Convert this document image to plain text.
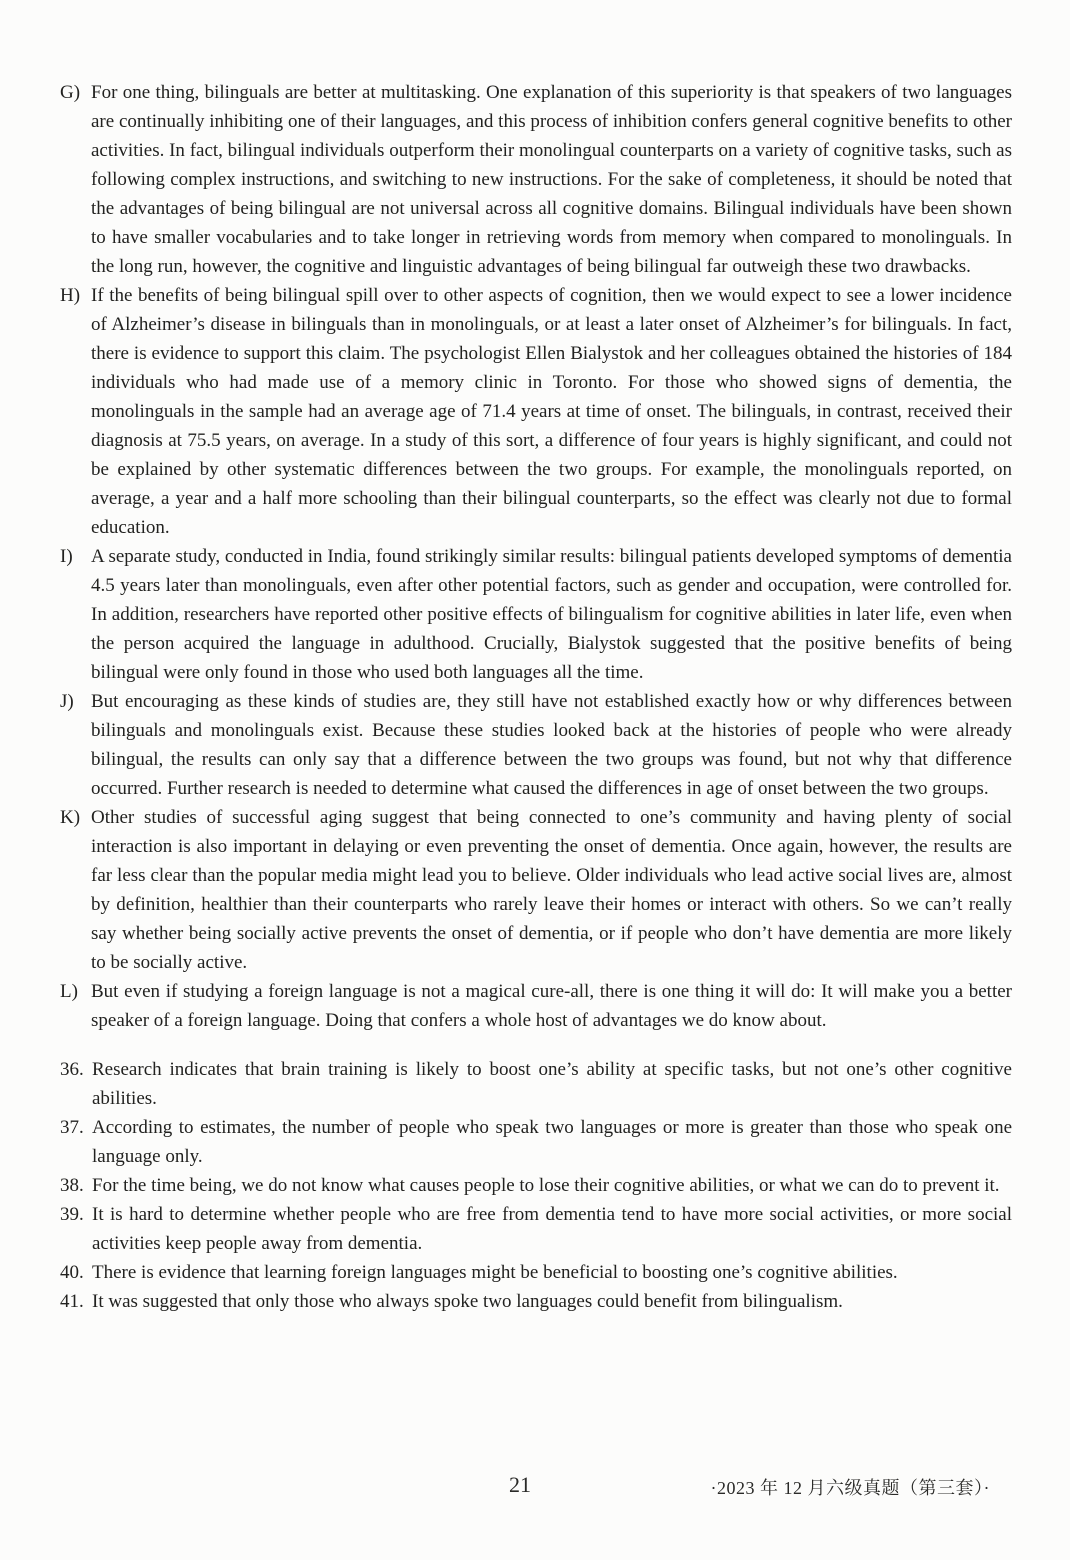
G) For one thing, bilinguals are better at multitasking. One explanation of this superiority is that speakers of two languages are continually inhibiting one of their languages, and this process of inhibition confers general cognitive benefits to other activities. In fact, bilingual individuals outperform their monolingual counterparts on a variety of cognitive tasks, such as following complex instructions, and switching to new instructions. For the sake of completeness, it should be noted that the advantages of being bilingual are not universal across all cognitive domains. Bilingual individuals have been shown to have smaller vocabularies and to take longer in retrieving words from memory when compared to monolinguals. In the long run, however, the cognitive and linguistic advantages of being bilingual far outweigh these two drawbacks.
H) If the benefits of being bilingual spill over to other aspects of cognition, then we would expect to see a lower incidence of Alzheimer’s disease in bilinguals than in monolinguals, or at least a later onset of Alzheimer’s for bilinguals. In fact, there is evidence to support this claim. The psychologist Ellen Bialystok and her colleagues obtained the histories of 184 individuals who had made use of a memory clinic in Toronto. For those who showed signs of dementia, the monolinguals in the sample had an average age of 71.4 years at time of onset. The bilinguals, in contrast, received their diagnosis at 75.5 years, on average. In a study of this sort, a difference of four years is highly significant, and could not be explained by other systematic differences between the two groups. For example, the monolinguals reported, on average, a year and a half more schooling than their bilingual counterparts, so the effect was clearly not due to formal education.
I) A separate study, conducted in India, found strikingly similar results: bilingual patients developed symptoms of dementia 4.5 years later than monolinguals, even after other potential factors, such as gender and occupation, were controlled for. In addition, researchers have reported other positive effects of bilingualism for cognitive abilities in later life, even when the person acquired the language in adulthood. Crucially, Bialystok suggested that the positive benefits of being bilingual were only found in those who used both languages all the time.
J) But encouraging as these kinds of studies are, they still have not established exactly how or why differences between bilinguals and monolinguals exist. Because these studies looked back at the histories of people who were already bilingual, the results can only say that a difference between the two groups was found, but not why that difference occurred. Further research is needed to determine what caused the differences in age of onset between the two groups.
K) Other studies of successful aging suggest that being connected to one’s community and having plenty of social interaction is also important in delaying or even preventing the onset of dementia. Once again, however, the results are far less clear than the popular media might lead you to believe. Older individuals who lead active social lives are, almost by definition, healthier than their counterparts who rarely leave their homes or interact with others. So we can’t really say whether being socially active prevents the onset of dementia, or if people who don’t have dementia are more likely to be socially active.
L) But even if studying a foreign language is not a magical cure-all, there is one thing it will do: It will make you a better speaker of a foreign language. Doing that confers a whole host of advantages we do know about.
36. Research indicates that brain training is likely to boost one’s ability at specific tasks, but not one’s other cognitive abilities.
37. According to estimates, the number of people who speak two languages or more is greater than those who speak one language only.
38. For the time being, we do not know what causes people to lose their cognitive abilities, or what we can do to prevent it.
39. It is hard to determine whether people who are free from dementia tend to have more social activities, or more social activities keep people away from dementia.
40. There is evidence that learning foreign languages might be beneficial to boosting one’s cognitive abilities.
41. It was suggested that only those who always spoke two languages could benefit from bilingualism.
21	·2023 年 12 月六级真题（第三套）·
